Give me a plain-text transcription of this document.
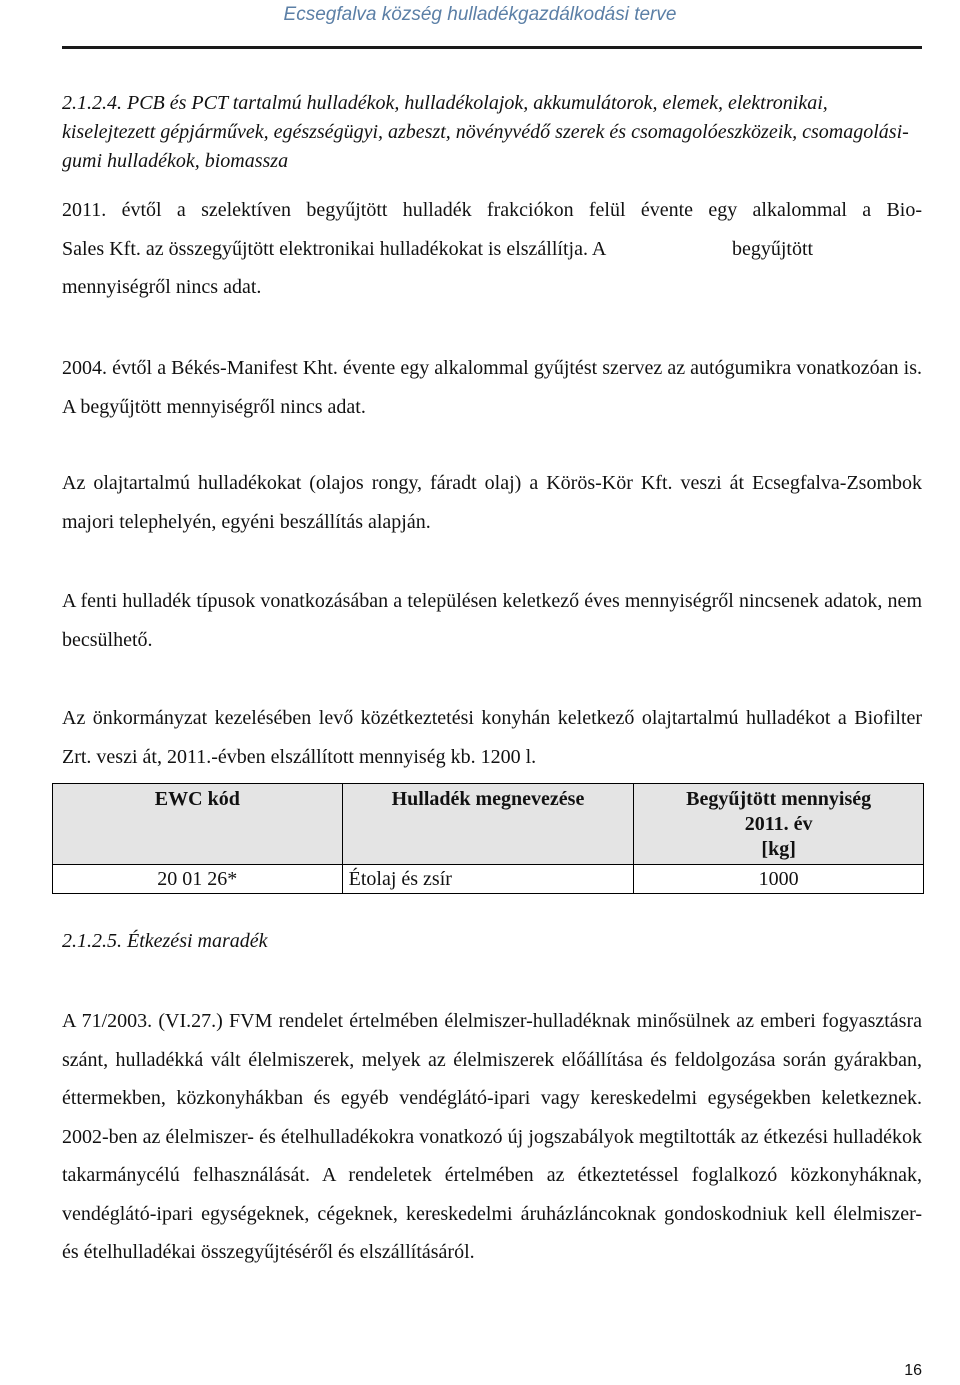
Ecsegfalva község hulladékgazdálkodási terve

2.1.2.4. PCB és PCT tartalmú hulladékok, hulladékolajok, akkumulátorok, elemek, elektronikai, kiselejtezett gépjárművek, egészségügyi, azbeszt, növényvédő szerek és csomagolóeszközeik, csomagolási-gumi hulladékok, biomassza

2011. évtől a szelektíven begyűjtött hulladék frakciókon felül évente egy alkalommal a Bio-
Sales Kft. az összegyűjtött elektronikai hulladékokat is elszállítja. A	begyűjtött
mennyiségről nincs adat.

2004. évtől a Békés-Manifest Kht. évente egy alkalommal gyűjtést szervez az autógumikra vonatkozóan is. A begyűjtött mennyiségről nincs adat.

Az olajtartalmú hulladékokat (olajos rongy, fáradt olaj) a Körös-Kör Kft. veszi át Ecsegfalva-Zsombok majori telephelyén, egyéni beszállítás alapján.

A fenti hulladék típusok vonatkozásában a településen keletkező éves mennyiségről nincsenek adatok, nem becsülhető.

Az önkormányzat kezelésében levő közétkeztetési konyhán keletkező olajtartalmú hulladékot a Biofilter Zrt. veszi át, 2011.-évben elszállított mennyiség kb. 1200 l.

EWC kód	Hulladék megnevezése	Begyűjtött mennyiség
2011. év
[kg]

20 01 26*	Étolaj és zsír	1000

2.1.2.5. Étkezési maradék

A 71/2003. (VI.27.) FVM rendelet értelmében élelmiszer-hulladéknak minősülnek az emberi fogyasztásra szánt, hulladékká vált élelmiszerek, melyek az élelmiszerek előállítása és feldolgozása során gyárakban, éttermekben, közkonyhákban és egyéb vendéglátó-ipari vagy kereskedelmi egységekben keletkeznek. 2002-ben az élelmiszer- és ételhulladékokra vonatkozó új jogszabályok megtiltották az étkezési hulladékok takarmánycélú felhasználását. A rendeletek értelmében az étkeztetéssel foglalkozó közkonyháknak, vendéglátó-ipari egységeknek, cégeknek, kereskedelmi áruházláncoknak gondoskodniuk kell élelmiszer- és ételhulladékai összegyűjtéséről és elszállításáról.

16
